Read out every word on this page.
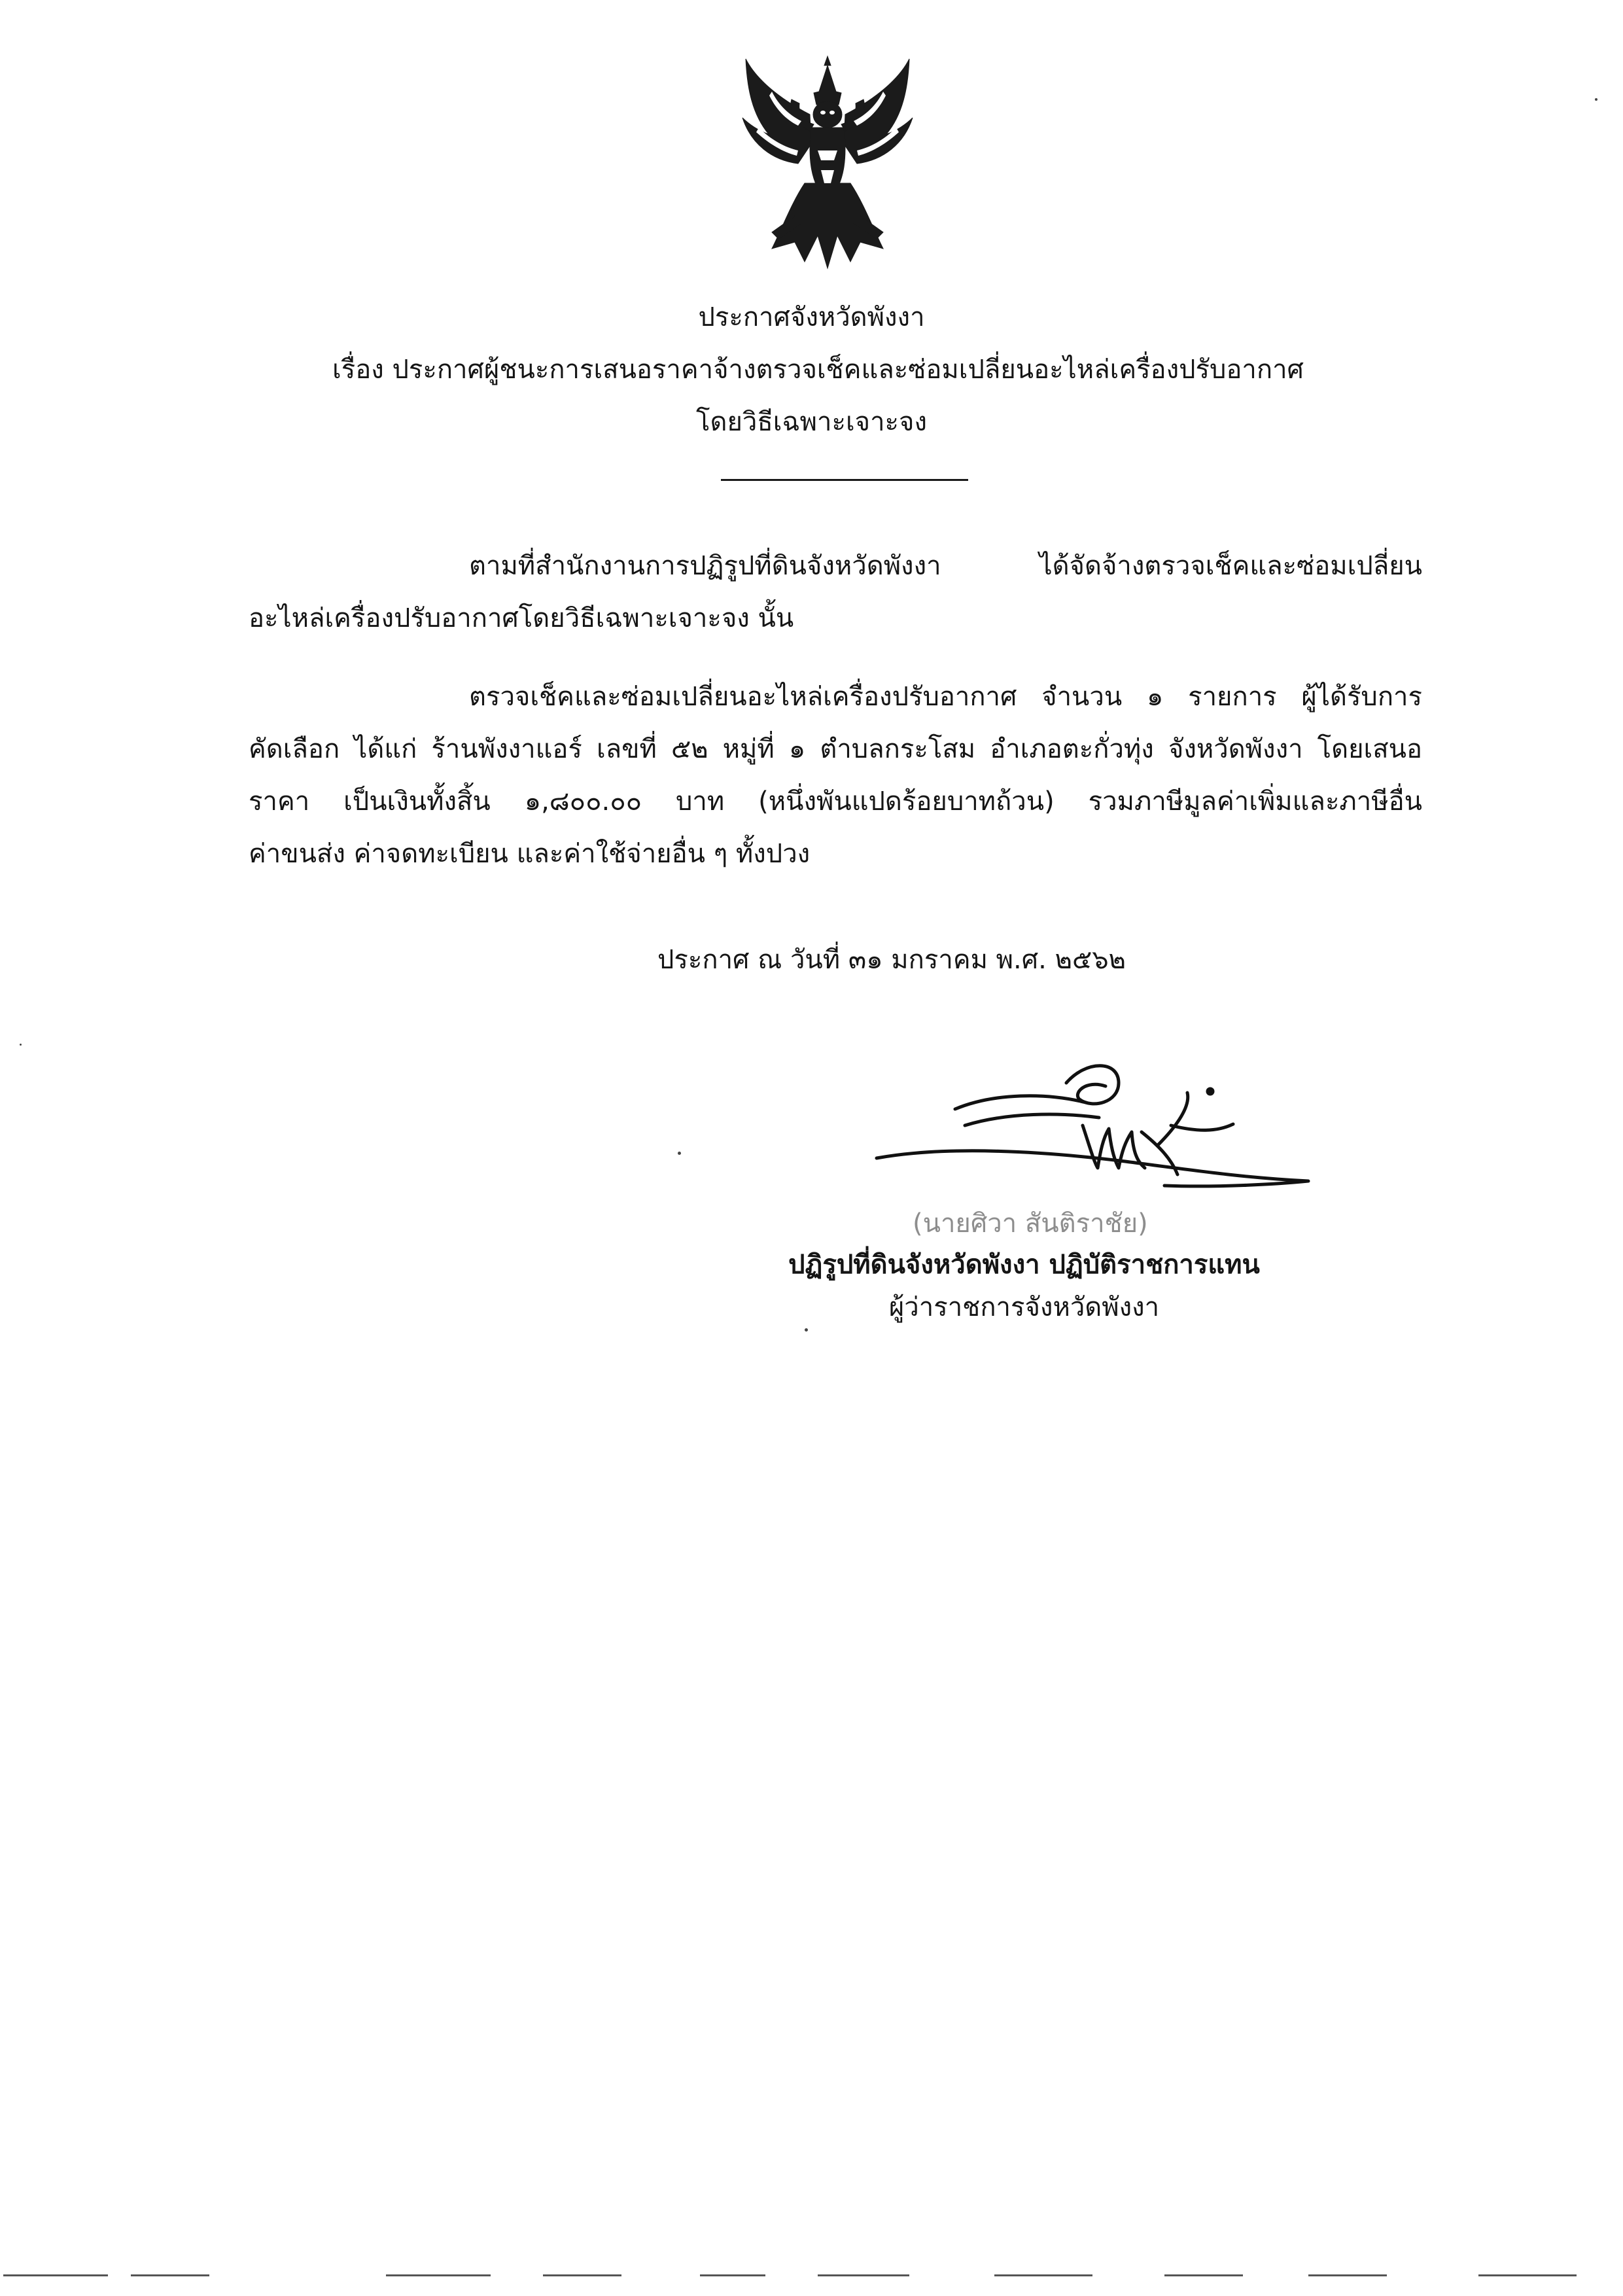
ประกาศจังหวัดพังงา
เรื่อง ประกาศผู้ชนะการเสนอราคาจ้างตรวจเช็คและซ่อมเปลี่ยนอะไหล่เครื่องปรับอากาศ
โดยวิธีเฉพาะเจาะจง
ตามที่สำนักงานการปฏิรูปที่ดินจังหวัดพังงา ได้จัดจ้างตรวจเช็คและซ่อมเปลี่ยน
อะไหล่เครื่องปรับอากาศโดยวิธีเฉพาะเจาะจง นั้น
ตรวจเช็คและซ่อมเปลี่ยนอะไหล่เครื่องปรับอากาศ จำนวน ๑ รายการ ผู้ได้รับการ
คัดเลือก ได้แก่ ร้านพังงาแอร์ เลขที่ ๕๒ หมู่ที่ ๑ ตำบลกระโสม อำเภอตะกั่วทุ่ง จังหวัดพังงา โดยเสนอ
ราคา เป็นเงินทั้งสิ้น ๑,๘๐๐.๐๐ บาท (หนึ่งพันแปดร้อยบาทถ้วน) รวมภาษีมูลค่าเพิ่มและภาษีอื่น
ค่าขนส่ง ค่าจดทะเบียน และค่าใช้จ่ายอื่น ๆ ทั้งปวง
ประกาศ ณ วันที่ ๓๑ มกราคม พ.ศ. ๒๕๖๒
(นายศิวา สันติราชัย)
ปฏิรูปที่ดินจังหวัดพังงา ปฏิบัติราชการแทน
ผู้ว่าราชการจังหวัดพังงา
